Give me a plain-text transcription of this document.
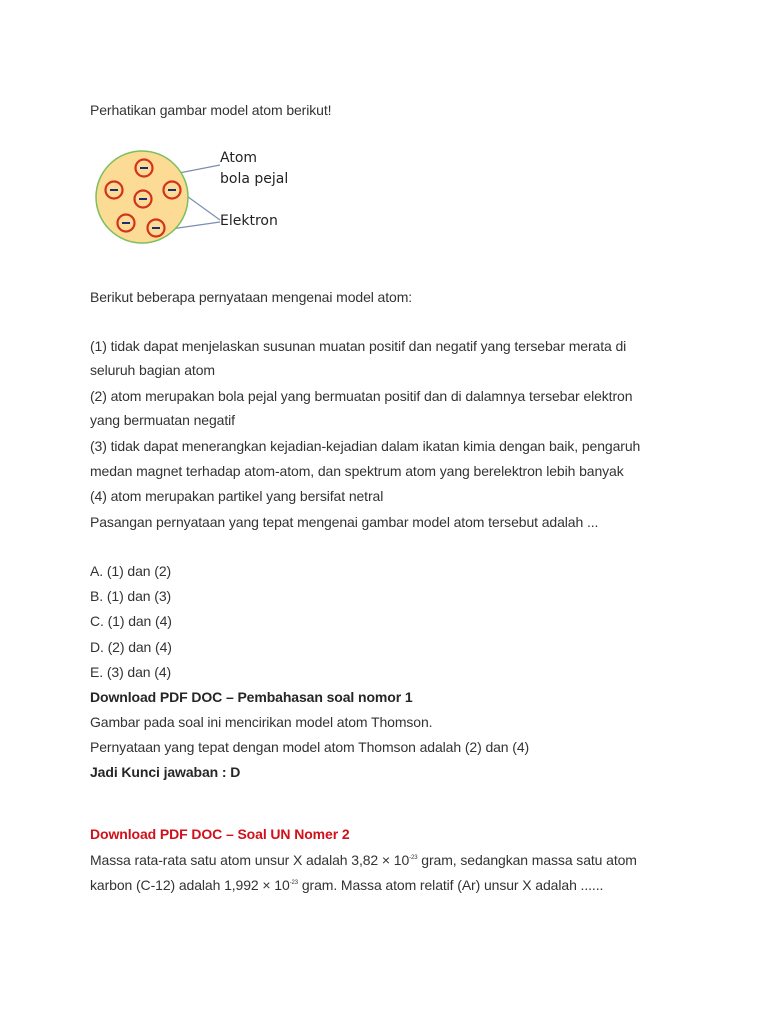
Perhatikan gambar model atom berikut!
Atom
bola pejal
Elektron
Berikut beberapa pernyataan mengenai model atom:
(1) tidak dapat menjelaskan susunan muatan positif dan negatif yang tersebar merata di
seluruh bagian atom
(2) atom merupakan bola pejal yang bermuatan positif dan di dalamnya tersebar elektron
yang bermuatan negatif
(3) tidak dapat menerangkan kejadian-kejadian dalam ikatan kimia dengan baik, pengaruh
medan magnet terhadap atom-atom, dan spektrum atom yang berelektron lebih banyak
(4) atom merupakan partikel yang bersifat netral
Pasangan pernyataan yang tepat mengenai gambar model atom tersebut adalah ...
A. (1) dan (2)
B. (1) dan (3)
C. (1) dan (4)
D. (2) dan (4)
E. (3) dan (4)
Download PDF DOC – Pembahasan soal nomor 1
Gambar pada soal ini mencirikan model atom Thomson.
Pernyataan yang tepat dengan model atom Thomson adalah (2) dan (4)
Jadi Kunci jawaban : D
Download PDF DOC – Soal UN Nomer 2
Massa rata-rata satu atom unsur X adalah $3,82 \times 10^{-23}$ gram, sedangkan massa satu atom
karbon (C-12) adalah $1,992 \times 10^{-23}$ gram. Massa atom relatif (Ar) unsur X adalah ......
